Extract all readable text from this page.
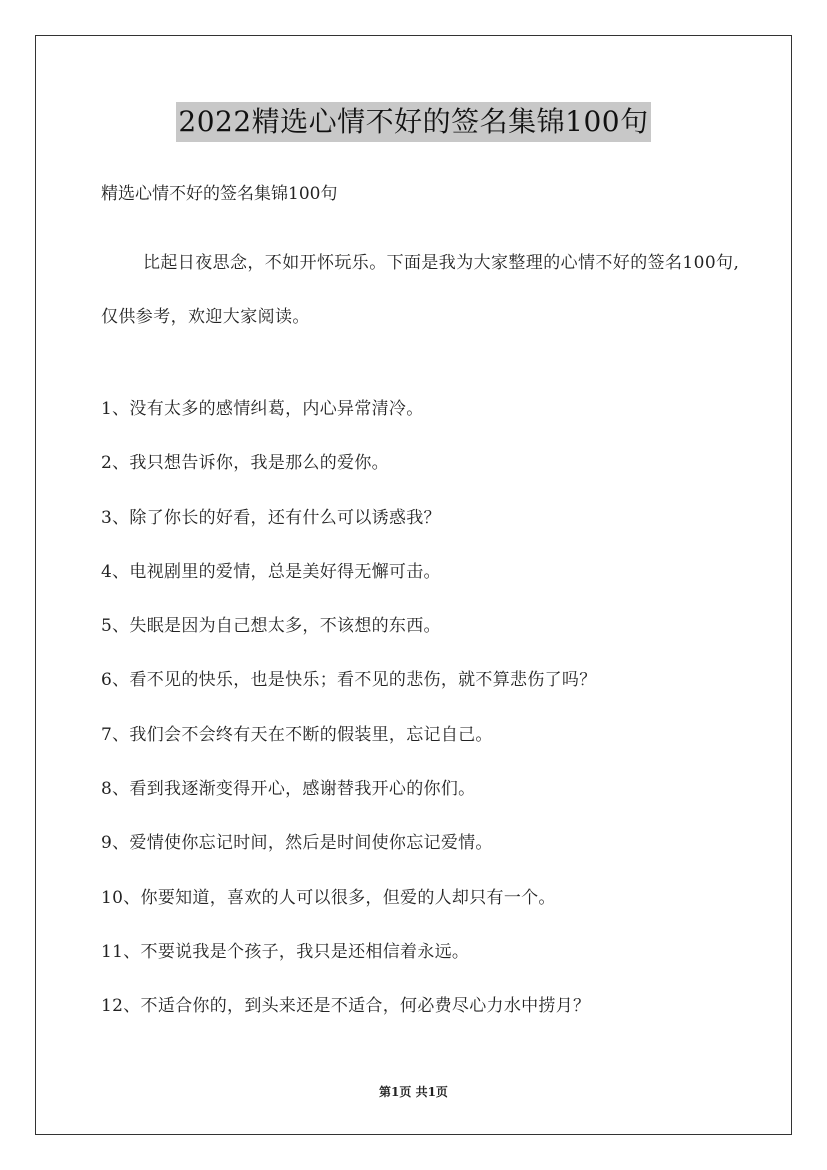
2022精选心情不好的签名集锦100句
精选心情不好的签名集锦100句
比起日夜思念，不如开怀玩乐。下面是我为大家整理的心情不好的签名100句,仅供参考，欢迎大家阅读。
1、没有太多的感情纠葛，内心异常清冷。
2、我只想告诉你，我是那么的爱你。
3、除了你长的好看，还有什么可以诱惑我？
4、电视剧里的爱情，总是美好得无懈可击。
5、失眠是因为自己想太多，不该想的东西。
6、看不见的快乐，也是快乐；看不见的悲伤，就不算悲伤了吗？
7、我们会不会终有天在不断的假装里，忘记自己。
8、看到我逐渐变得开心，感谢替我开心的你们。
9、爱情使你忘记时间，然后是时间使你忘记爱情。
10、你要知道，喜欢的人可以很多，但爱的人却只有一个。
11、不要说我是个孩子，我只是还相信着永远。
12、不适合你的，到头来还是不适合，何必费尽心力水中捞月？
第1页 共1页
